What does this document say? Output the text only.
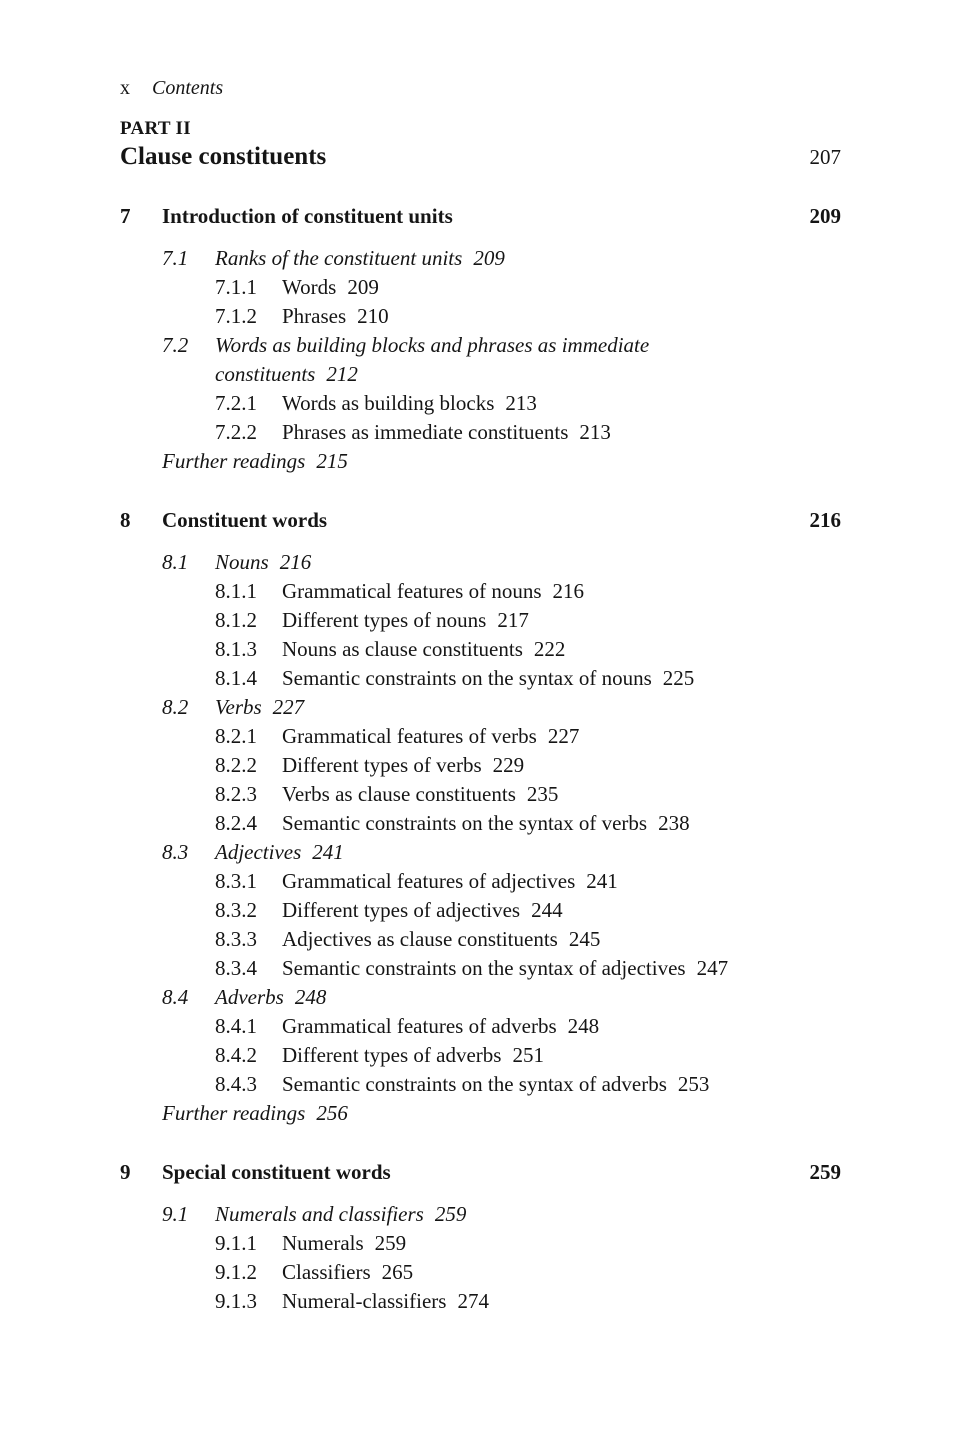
x Contents
PART II
Clause constituents	207
7	Introduction of constituent units	209
7.1	Ranks of the constituent units 209
7.1.1	Words 209
7.1.2	Phrases 210
7.2	Words as building blocks and phrases as immediate constituents 212
7.2.1	Words as building blocks 213
7.2.2	Phrases as immediate constituents 213
Further readings 215
8	Constituent words	216
8.1	Nouns 216
8.1.1	Grammatical features of nouns 216
8.1.2	Different types of nouns 217
8.1.3	Nouns as clause constituents 222
8.1.4	Semantic constraints on the syntax of nouns 225
8.2	Verbs 227
8.2.1	Grammatical features of verbs 227
8.2.2	Different types of verbs 229
8.2.3	Verbs as clause constituents 235
8.2.4	Semantic constraints on the syntax of verbs 238
8.3	Adjectives 241
8.3.1	Grammatical features of adjectives 241
8.3.2	Different types of adjectives 244
8.3.3	Adjectives as clause constituents 245
8.3.4	Semantic constraints on the syntax of adjectives 247
8.4	Adverbs 248
8.4.1	Grammatical features of adverbs 248
8.4.2	Different types of adverbs 251
8.4.3	Semantic constraints on the syntax of adverbs 253
Further readings 256
9	Special constituent words	259
9.1	Numerals and classifiers 259
9.1.1	Numerals 259
9.1.2	Classifiers 265
9.1.3	Numeral-classifiers 274
